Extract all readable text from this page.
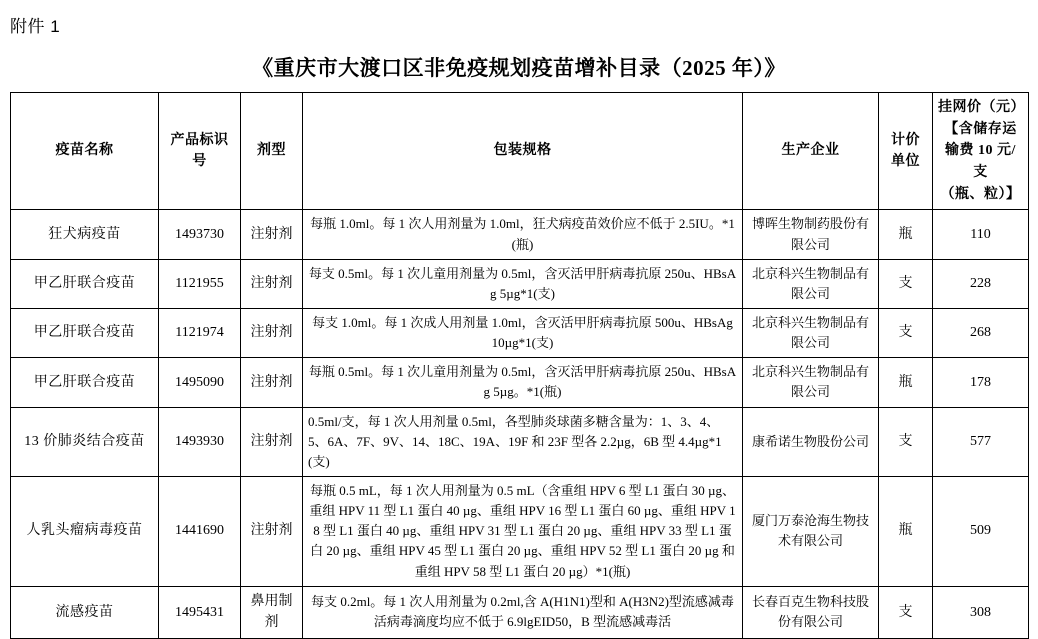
附件 1
《重庆市大渡口区非免疫规划疫苗增补目录（2025 年）》
疫苗名称	产品标识号	剂型	包装规格	生产企业	计价单位	挂网价（元）
【含储存运
输费 10 元/支
（瓶、粒）】

狂犬病疫苗	1493730	注射剂	每瓶 1.0ml。每 1 次人用剂量为 1.0ml，狂犬病疫苗效价应不低于 2.5IU。*1(瓶)	博晖生物制药股份有限公司	瓶	110
甲乙肝联合疫苗	1121955	注射剂	每支 0.5ml。每 1 次儿童用剂量为 0.5ml，含灭活甲肝病毒抗原 250u、HBsAg 5µg*1(支)	北京科兴生物制品有限公司	支	228
甲乙肝联合疫苗	1121974	注射剂	每支 1.0ml。每 1 次成人用剂量 1.0ml，含灭活甲肝病毒抗原 500u、HBsAg 10µg*1(支)	北京科兴生物制品有限公司	支	268
甲乙肝联合疫苗	1495090	注射剂	每瓶 0.5ml。每 1 次儿童用剂量为 0.5ml，含灭活甲肝病毒抗原 250u、HBsAg 5µg。*1(瓶)	北京科兴生物制品有限公司	瓶	178
13 价肺炎结合疫苗	1493930	注射剂	0.5ml/支，每 1 次人用剂量 0.5ml，各型肺炎球菌多糖含量为：1、3、4、5、6A、7F、9V、14、18C、19A、19F 和 23F 型各 2.2µg，6B 型 4.4µg*1(支)	康希诺生物股份公司	支	577
人乳头瘤病毒疫苗	1441690	注射剂	每瓶 0.5 mL，每 1 次人用剂量为 0.5 mL（含重组 HPV 6 型 L1 蛋白 30 µg、重组 HPV 11 型 L1 蛋白 40 µg、重组 HPV 16 型 L1 蛋白 60 µg、重组 HPV 18 型 L1 蛋白 40 µg、重组 HPV 31 型 L1 蛋白 20 µg、重组 HPV 33 型 L1 蛋白 20 µg、重组 HPV 45 型 L1 蛋白 20 µg、重组 HPV 52 型 L1 蛋白 20 µg 和重组 HPV 58 型 L1 蛋白 20 µg）*1(瓶)	厦门万泰沧海生物技术有限公司	瓶	509
流感疫苗	1495431	鼻用制剂	每支 0.2ml。每 1 次人用剂量为 0.2ml,含 A(H1N1)型和 A(H3N2)型流感减毒活病毒滴度均应不低于 6.9lgEID50，B 型流感减毒活	长春百克生物科技股份有限公司	支	308
